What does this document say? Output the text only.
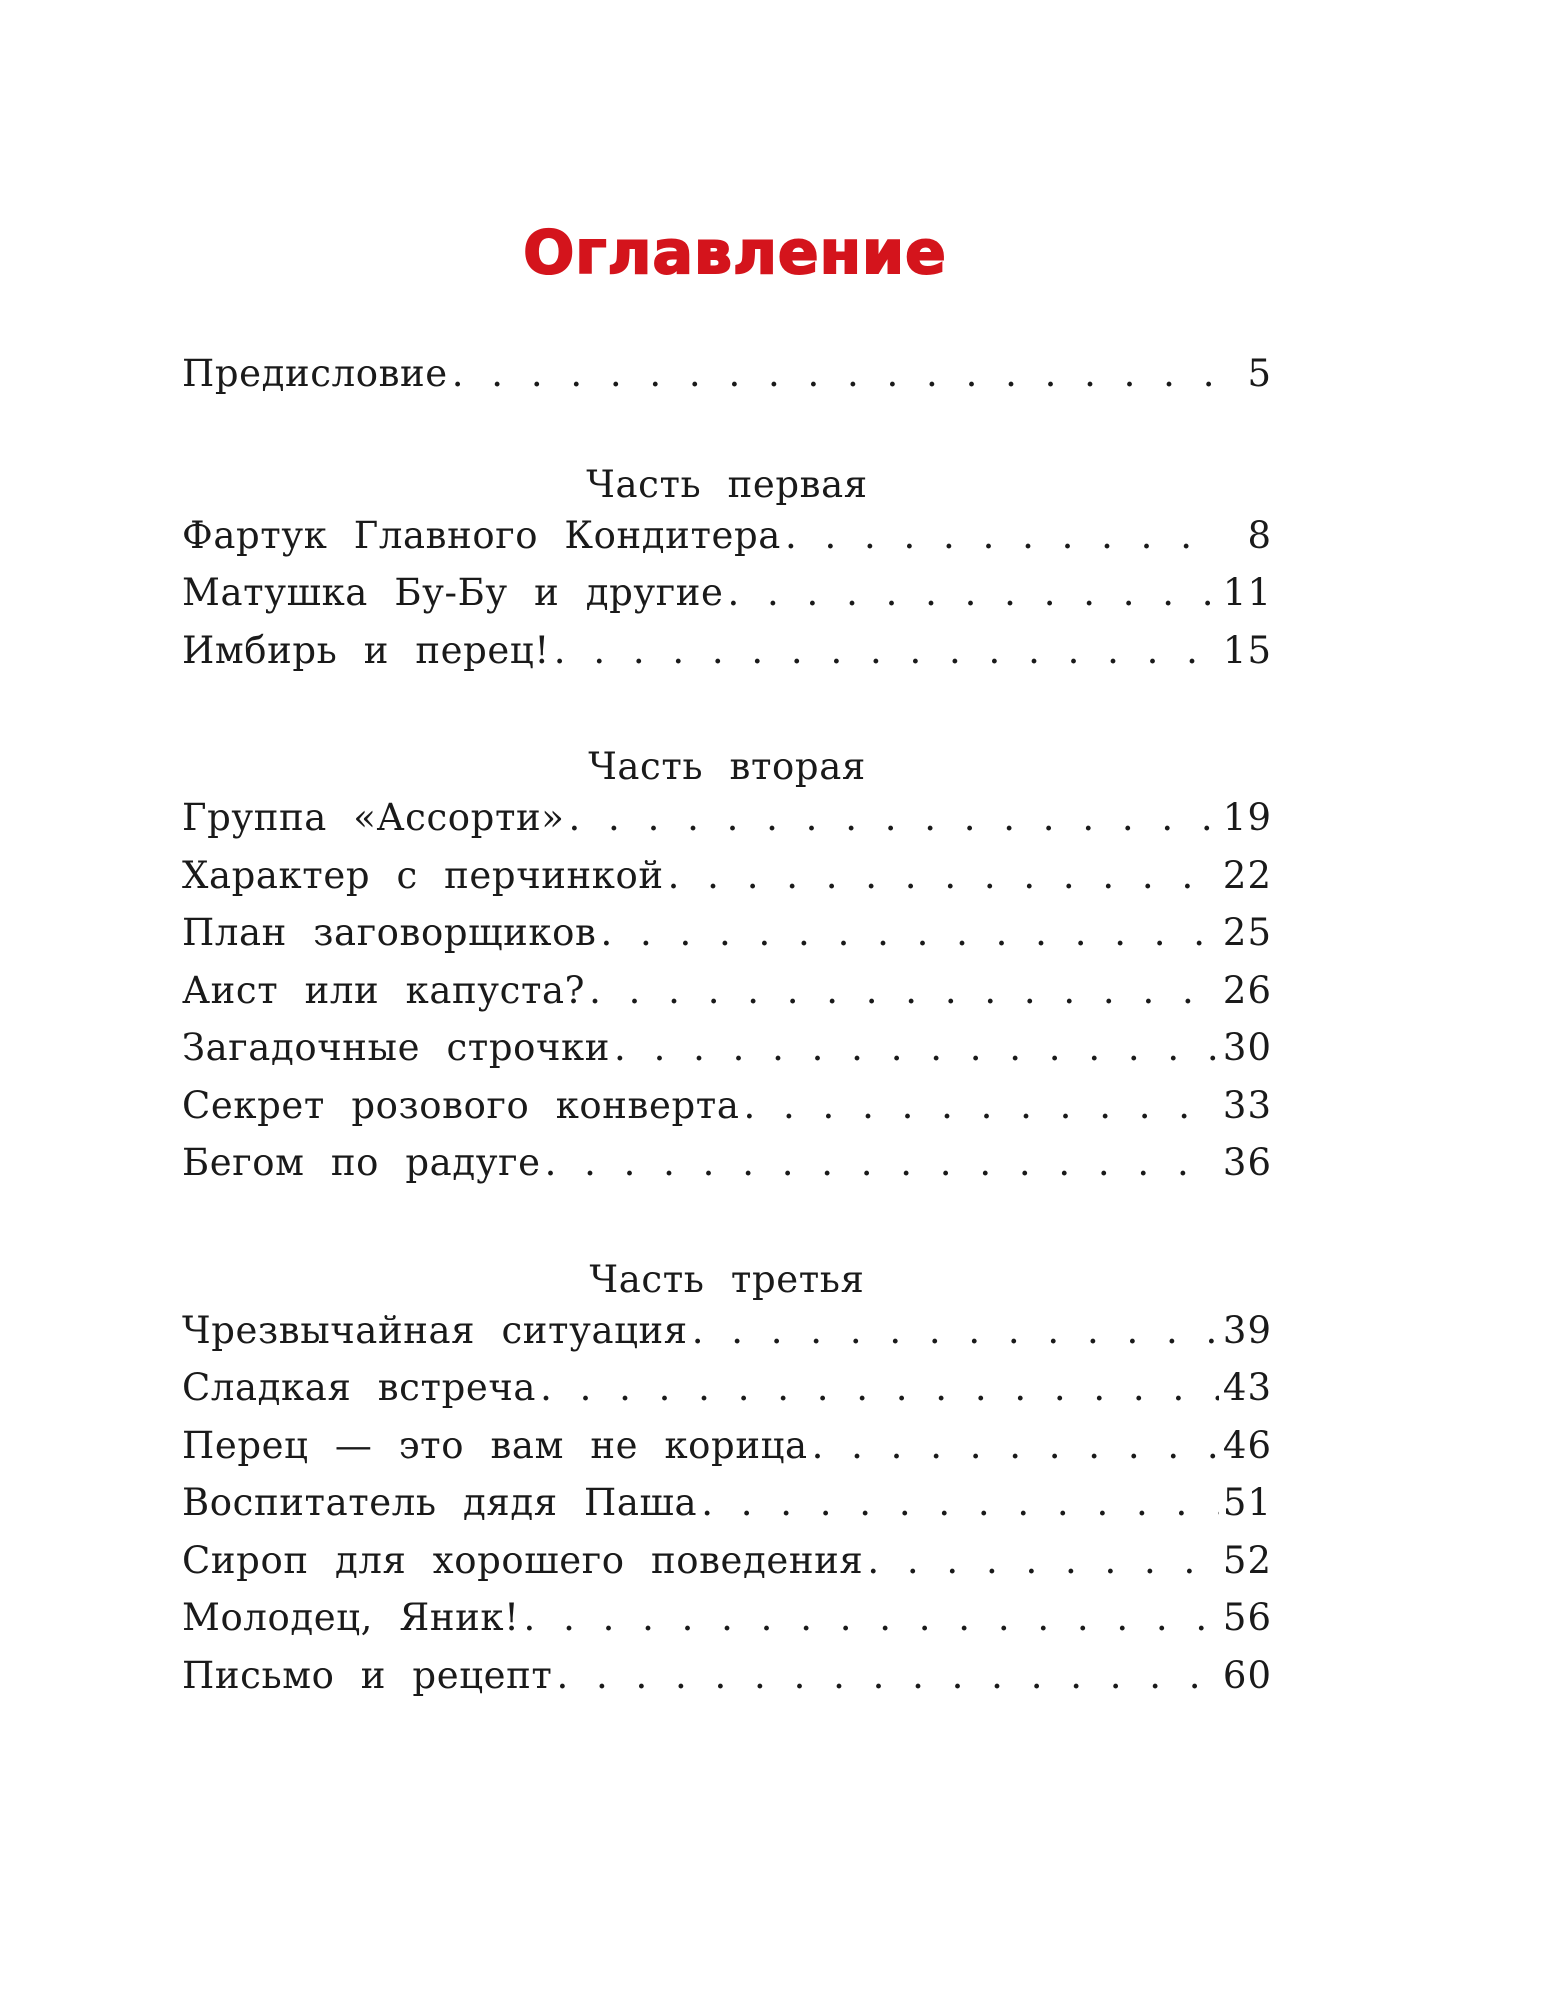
Оглавление
Предисловие . . .	5
Часть первая
Фартук Главного Кондитера . . .	8
Матушка Бу-Бу и другие . . .	11
Имбирь и перец! . . .	15
Часть вторая
Группа «Ассорти» . . .	19
Характер с перчинкой . . .	22
План заговорщиков . . .	25
Аист или капуста? . . .	26
Загадочные строчки . . .	30
Секрет розового конверта . . .	33
Бегом по радуге . . .	36
Часть третья
Чрезвычайная ситуация . . .	39
Сладкая встреча . . .	43
Перец — это вам не корица . . .	46
Воспитатель дядя Паша . . .	51
Сироп для хорошего поведения . . .	52
Молодец, Яник! . . .	56
Письмо и рецепт . . .	60
